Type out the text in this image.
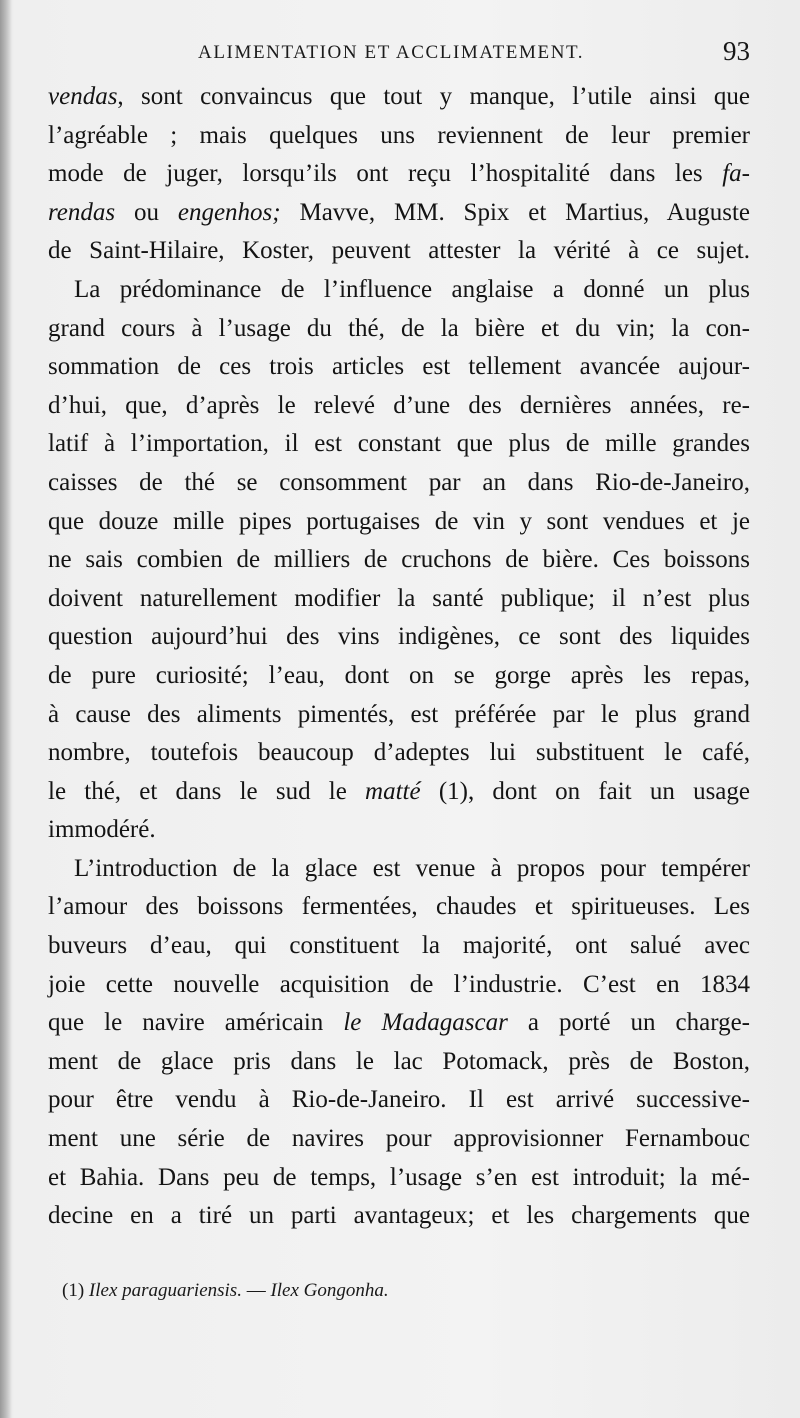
ALIMENTATION ET ACCLIMATEMENT.	93
vendas, sont convaincus que tout y manque, l’utile ainsi que
l’agréable ; mais quelques uns reviennent de leur premier
mode de juger, lorsqu’ils ont reçu l’hospitalité dans les fa-
rendas ou engenhos; Mavve, MM. Spix et Martius, Auguste
de Saint-Hilaire, Koster, peuvent attester la vérité à ce sujet.
La prédominance de l’influence anglaise a donné un plus
grand cours à l’usage du thé, de la bière et du vin; la con-
sommation de ces trois articles est tellement avancée aujour-
d’hui, que, d’après le relevé d’une des dernières années, re-
latif à l’importation, il est constant que plus de mille grandes
caisses de thé se consomment par an dans Rio-de-Janeiro,
que douze mille pipes portugaises de vin y sont vendues et je
ne sais combien de milliers de cruchons de bière. Ces boissons
doivent naturellement modifier la santé publique; il n’est plus
question aujourd’hui des vins indigènes, ce sont des liquides
de pure curiosité; l’eau, dont on se gorge après les repas,
à cause des aliments pimentés, est préférée par le plus grand
nombre, toutefois beaucoup d’adeptes lui substituent le café,
le thé, et dans le sud le matté (1), dont on fait un usage
immodéré.
L’introduction de la glace est venue à propos pour tempérer
l’amour des boissons fermentées, chaudes et spiritueuses. Les
buveurs d’eau, qui constituent la majorité, ont salué avec
joie cette nouvelle acquisition de l’industrie. C’est en 1834
que le navire américain le Madagascar a porté un charge-
ment de glace pris dans le lac Potomack, près de Boston,
pour être vendu à Rio-de-Janeiro. Il est arrivé successive-
ment une série de navires pour approvisionner Fernambouc
et Bahia. Dans peu de temps, l’usage s’en est introduit; la mé-
decine en a tiré un parti avantageux; et les chargements que
(1) Ilex paraguariensis. — Ilex Gongonha.
